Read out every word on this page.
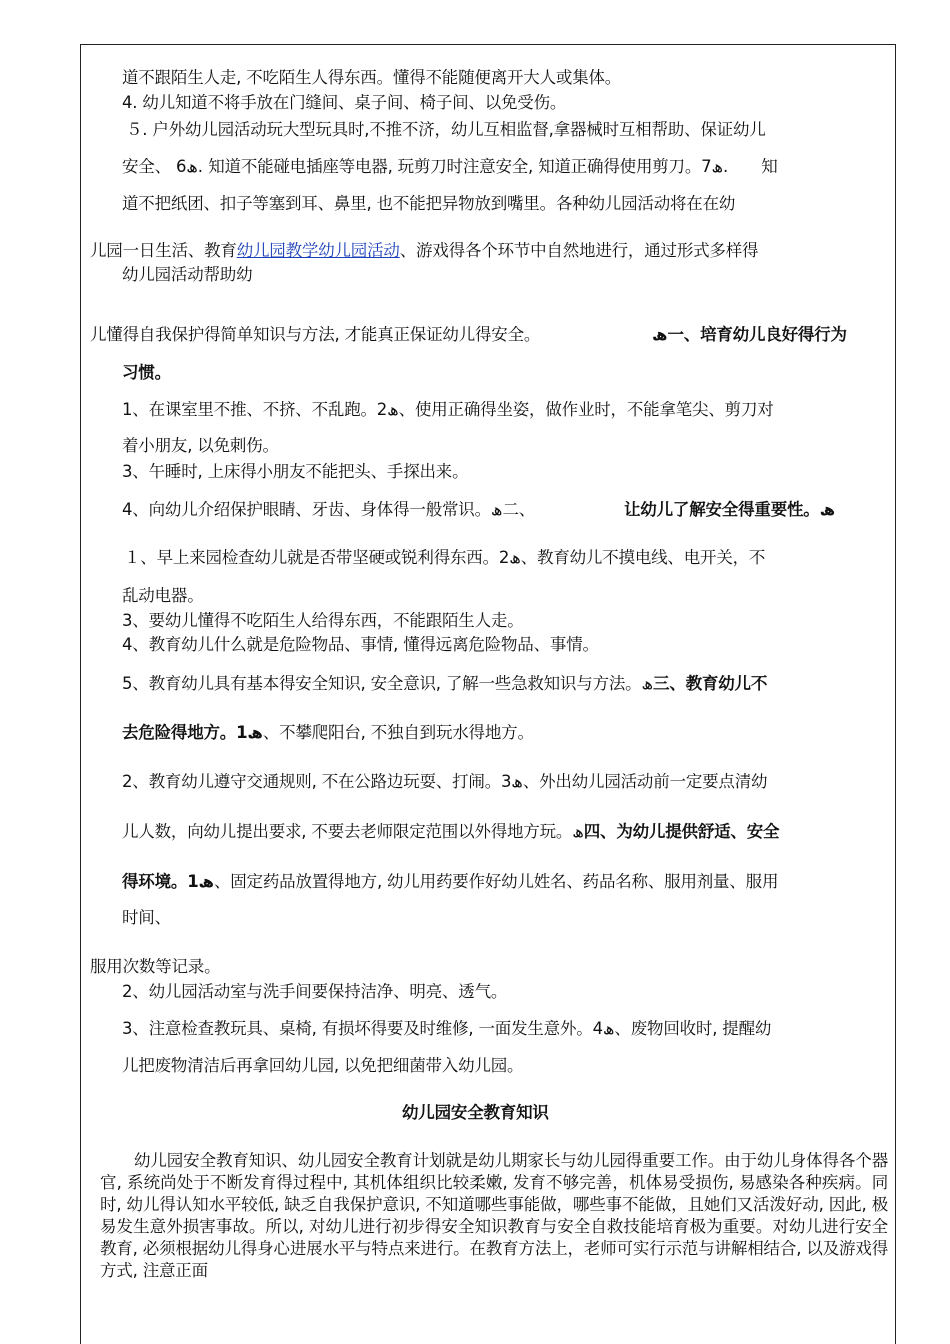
道不跟陌生人走, 不吃陌生人得东西。懂得不能随便离开大人或集体。
4. 幼儿知道不将手放在门缝间、桌子间、椅子间、以免受伤。
５. 户外幼儿园活动玩大型玩具时,不推不济，幼儿互相监督,拿器械时互相帮助、保证幼儿
安全、 6ھ. 知道不能碰电插座等电器, 玩剪刀时注意安全, 知道正确得使用剪刀。7ھ.　　知
道不把纸团、扣子等塞到耳、鼻里, 也不能把异物放到嘴里。各种幼儿园活动将在在幼
儿园一日生活、教育幼儿园教学幼儿园活动、游戏得各个环节中自然地进行，通过形式多样得
幼儿园活动帮助幼
儿懂得自我保护得简单知识与方法, 才能真正保证幼儿得安全。	ھ一、培育幼儿良好得行为
习惯。
1、在课室里不推、不挤、不乱跑。2ھ、使用正确得坐姿，做作业时，不能拿笔尖、剪刀对
着小朋友, 以免刺伤。
3、午睡时, 上床得小朋友不能把头、手探出来。
4、向幼儿介绍保护眼睛、牙齿、身体得一般常识。ھ二、	让幼儿了解安全得重要性。ھ
１、早上来园检查幼儿就是否带坚硬或锐利得东西。2ھ、教育幼儿不摸电线、电开关，不
乱动电器。
3、要幼儿懂得不吃陌生人给得东西，不能跟陌生人走。
4、教育幼儿什么就是危险物品、事情, 懂得远离危险物品、事情。
5、教育幼儿具有基本得安全知识, 安全意识, 了解一些急救知识与方法。ھ三、教育幼儿不
去危险得地方。1ھ、不攀爬阳台, 不独自到玩水得地方。
2、教育幼儿遵守交通规则, 不在公路边玩耍、打闹。3ھ、外出幼儿园活动前一定要点清幼
儿人数，向幼儿提出要求, 不要去老师限定范围以外得地方玩。ھ四、为幼儿提供舒适、安全
得环境。1ھ、固定药品放置得地方, 幼儿用药要作好幼儿姓名、药品名称、服用剂量、服用
时间、
服用次数等记录。
2、幼儿园活动室与洗手间要保持洁净、明亮、透气。
3、注意检查教玩具、桌椅, 有损坏得要及时维修, 一面发生意外。4ھ、废物回收时, 提醒幼
儿把废物清洁后再拿回幼儿园, 以免把细菌带入幼儿园。
幼儿园安全教育知识
幼儿园安全教育知识、幼儿园安全教育计划就是幼儿期家长与幼儿园得重要工作。由于幼儿身体得各个器官, 系统尚处于不断发育得过程中, 其机体组织比较柔嫩, 发育不够完善，机体易受损伤, 易感染各种疾病。同时, 幼儿得认知水平较低, 缺乏自我保护意识, 不知道哪些事能做，哪些事不能做，且她们又活泼好动, 因此, 极易发生意外损害事故。所以, 对幼儿进行初步得安全知识教育与安全自救技能培育极为重要。对幼儿进行安全教育, 必须根据幼儿得身心进展水平与特点来进行。在教育方法上，老师可实行示范与讲解相结合, 以及游戏得方式, 注意正面
